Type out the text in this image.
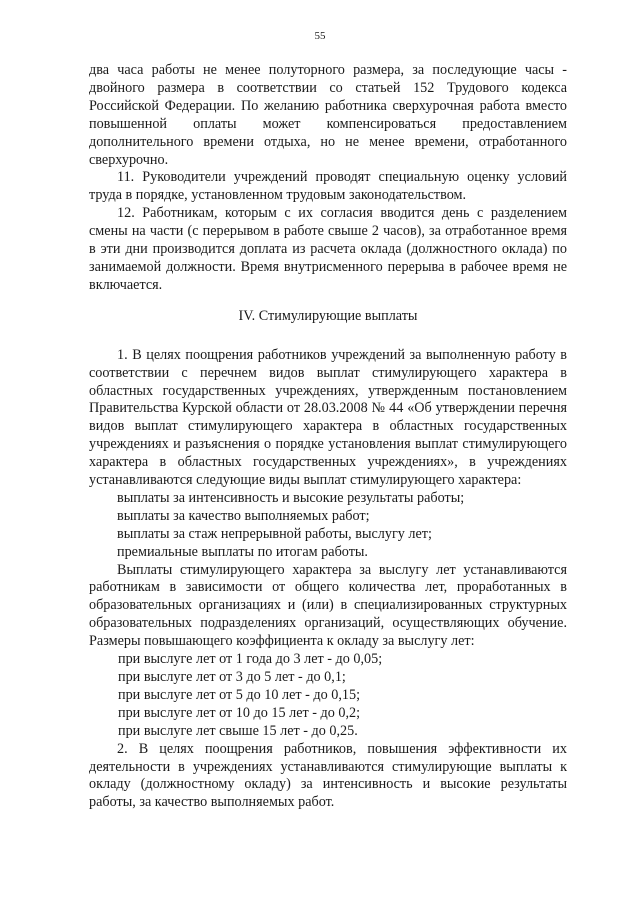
55

два часа работы не менее полуторного размера, за последующие часы - двойного размера в соответствии со статьей 152 Трудового кодекса Российской Федерации. По желанию работника сверхурочная работа вместо повышенной оплаты может компенсироваться предоставлением дополнительного времени отдыха, но не менее времени, отработанного сверхурочно.

11. Руководители учреждений проводят специальную оценку условий труда в порядке, установленном трудовым законодательством.

12. Работникам, которым с их согласия вводится день с разделением смены на части (с перерывом в работе свыше 2 часов), за отработанное время в эти дни производится доплата из расчета оклада (должностного оклада) по занимаемой должности. Время внутрисменного перерыва в рабочее время не включается.

IV. Стимулирующие выплаты

1. В целях поощрения работников учреждений за выполненную работу в соответствии с перечнем видов выплат стимулирующего характера в областных государственных учреждениях, утвержденным постановлением Правительства Курской области от 28.03.2008 № 44 «Об утверждении перечня видов выплат стимулирующего характера в областных государственных учреждениях и разъяснения о порядке установления выплат стимулирующего характера в областных государственных учреждениях», в учреждениях устанавливаются следующие виды выплат стимулирующего характера:

выплаты за интенсивность и высокие результаты работы;

выплаты за качество выполняемых работ;

выплаты за стаж непрерывной работы, выслугу лет;

премиальные выплаты по итогам работы.

Выплаты стимулирующего характера за выслугу лет устанавливаются работникам в зависимости от общего количества лет, проработанных в образовательных организациях и (или) в специализированных структурных образовательных подразделениях организаций, осуществляющих обучение. Размеры повышающего коэффициента к окладу за выслугу лет:

при выслуге лет от 1 года до 3 лет - до 0,05;

при выслуге лет от 3 до 5 лет - до 0,1;

при выслуге лет от 5 до 10 лет - до 0,15;

при выслуге лет от 10 до 15 лет - до 0,2;

при выслуге лет свыше 15 лет - до 0,25.

2. В целях поощрения работников, повышения эффективности их деятельности в учреждениях устанавливаются стимулирующие выплаты к окладу (должностному окладу) за интенсивность и высокие результаты работы, за качество выполняемых работ.
